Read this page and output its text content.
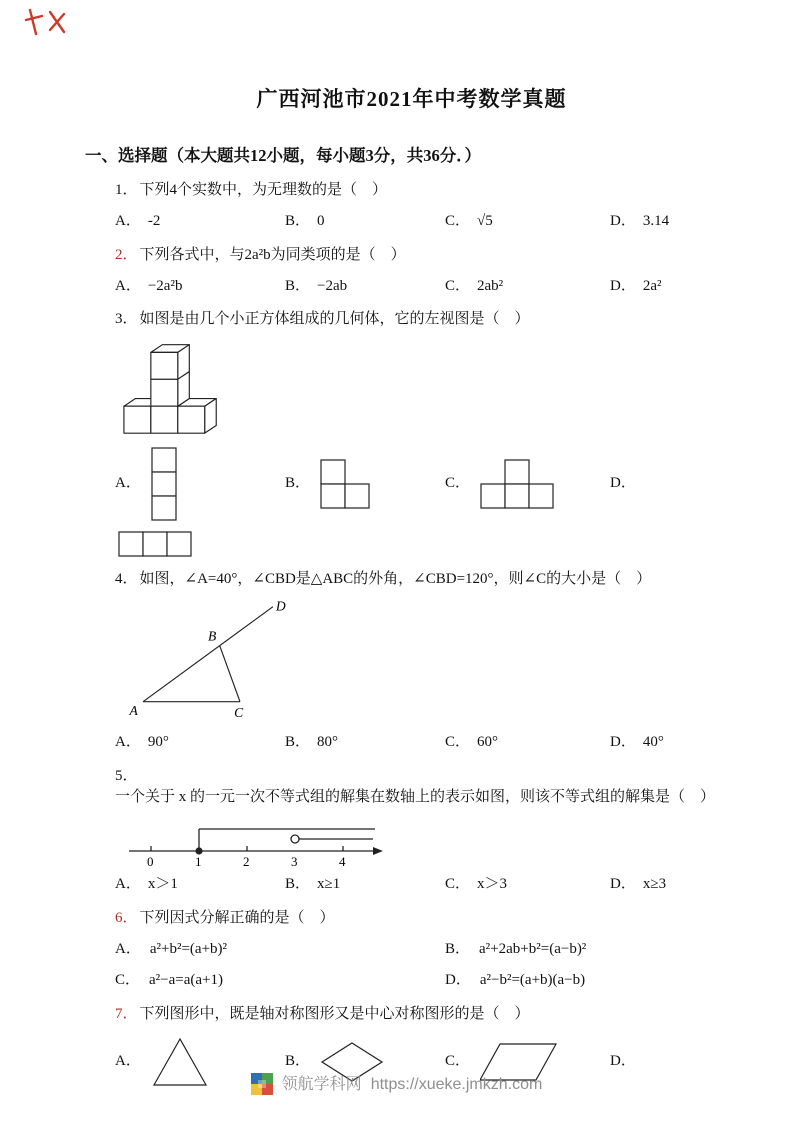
广西河池市2021年中考数学真题
一、选择题（本大题共12小题，每小题3分，共36分．）
1． 下列4个实数中，为无理数的是（　）
A． -2	B． 0	C． √5	D． 3.14
2． 下列各式中，与2a²b为同类项的是（　）
A． −2a²b	B． −2ab	C． 2ab²	D． 2a²
3． 如图是由几个小正方体组成的几何体，它的左视图是（　）
A．	B．	C．	D．
4． 如图，∠A=40°，∠CBD是△ABC的外角，∠CBD=120°，则∠C的大小是（　）
D
B
A	C
A． 90°	B． 80°	C． 60°	D． 40°
5．一个关于 x 的一元一次不等式组的解集在数轴上的表示如图，则该不等式组的解集是（　）
0	1	2	3	4
A． x＞1	B． x≥1	C． x＞3	D． x≥3
6． 下列因式分解正确的是（　）
A． a²+b²=(a+b)²	B． a²+2ab+b²=(a−b)²
C． a²−a=a(a+1)	D． a²−b²=(a+b)(a−b)
7． 下列图形中，既是轴对称图形又是中心对称图形的是（　）
A．	B．	C．	D．
领航学科网 https://xueke.jmkzh.com
